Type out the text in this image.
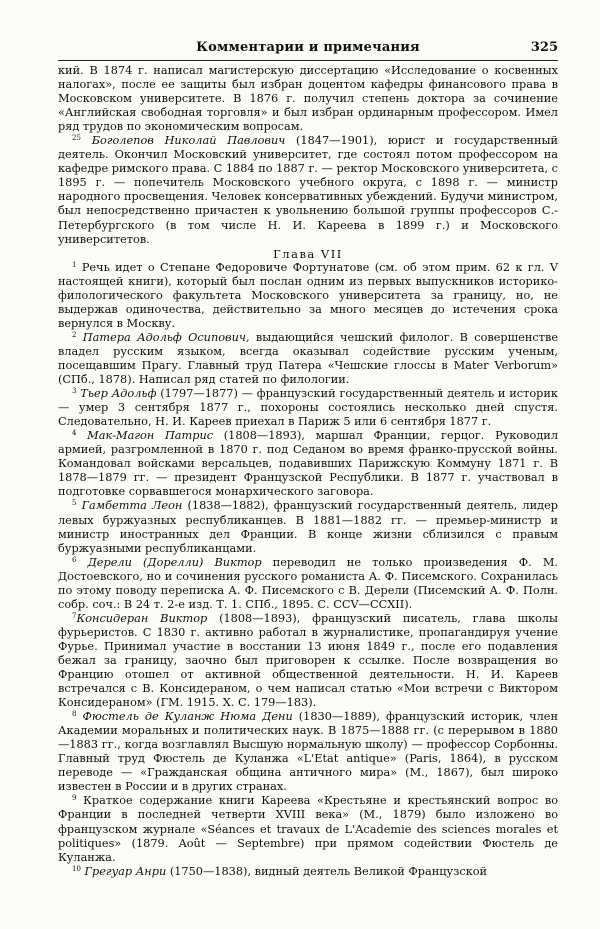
Комментарии и примечания	325

кий. В 1874 г. написал магистерскую диссертацию «Исследование о косвенных налогах», после ее защиты был избран доцентом кафедры финансового права в Московском университете. В 1876 г. получил степень доктора за сочинение «Английская свободная торговля» и был избран ординарным профессором. Имел ряд трудов по экономическим вопросам.

$^{25}$ Боголепов Николай Павлович (1847—1901), юрист и государственный деятель. Окончил Московский университет, где состоял потом профессором на кафедре римского права. С 1884 по 1887 г. — ректор Московского университета, с 1895 г. — попечитель Московского учебного округа, с 1898 г. — министр народного просвещения. Человек консервативных убеждений. Будучи министром, был непосредственно причастен к увольнению большой группы профессоров С.-Петербургского (в том числе Н. И. Кареева в 1899 г.) и Московского университетов.

Глава VII

$^1$ Речь идет о Степане Федоровиче Фортунатове (см. об этом прим. 62 к гл. V настоящей книги), который был послан одним из первых выпускников историко-филологического факультета Московского университета за границу, но, не выдержав одиночества, действительно за много месяцев до истечения срока вернулся в Москву.

$^2$ Патера Адольф Осипович, выдающийся чешский филолог. В совершенстве владел русским языком, всегда оказывал содействие русским ученым, посещавшим Прагу. Главный труд Патера «Чешские глоссы в Mater Verborum» (СПб., 1878). Написал ряд статей по филологии.

$^3$ Тьер Адольф (1797—1877) — французский государственный деятель и историк — умер 3 сентября 1877 г., похороны состоялись несколько дней спустя. Следовательно, Н. И. Кареев приехал в Париж 5 или 6 сентября 1877 г.

$^4$ Мак-Магон Патрис (1808—1893), маршал Франции, герцог. Руководил армией, разгромленной в 1870 г. под Седаном во время франко-прусской войны. Командовал войсками версальцев, подавивших Парижскую Коммуну 1871 г. В 1878—1879 гг. — президент Французской Республики. В 1877 г. участвовал в подготовке сорвавшегося монархического заговора.

$^5$ Гамбетта Леон (1838—1882), французский государственный деятель, лидер левых буржуазных республиканцев. В 1881—1882 гг. — премьер-министр и министр иностранных дел Франции. В конце жизни сблизился с правым буржуазными республиканцами.

$^6$ Дерели (Дорелли) Виктор переводил не только произведения Ф. М. Достоевского, но и сочинения русского романиста А. Ф. Писемского. Сохранилась по этому поводу переписка А. Ф. Писемского с В. Дерели (Писемский А. Ф. Полн. собр. соч.: В 24 т. 2-е изд. Т. 1. СПб., 1895. С. CCV—CCXII).

$^7$Консидеран Виктор (1808—1893), французский писатель, глава школы фурьеристов. С 1830 г. активно работал в журналистике, пропагандируя учение Фурье. Принимал участие в восстании 13 июня 1849 г., после его подавления бежал за границу, заочно был приговорен к ссылке. После возвращения во Францию отошел от активной общественной деятельности. Н. И. Кареев встречался с В. Консидераном, о чем написал статью «Мои встречи с Виктором Консидераном» (ГМ. 1915. Х. С. 179—183).

$^8$ Фюстель де Куланж Нюма Дени (1830—1889), французский историк, член Академии моральных и политических наук. В 1875—1888 гг. (с перерывом в 1880—1883 гг., когда возглавлял Высшую нормальную школу) — профессор Сорбонны. Главный труд Фюстель де Куланжа «L'Etat antique» (Paris, 1864), в русском переводе — «Гражданская община античного мира» (М., 1867), был широко известен в России и в других странах.

$^9$ Краткое содержание книги Кареева «Крестьяне и крестьянский вопрос во Франции в последней четверти XVIII века» (М., 1879) было изложено во французском журнале «Séances et travaux de L'Academie des sciences morales et politiques» (1879. Août — Septembre) при прямом содействии Фюстель де Куланжа.

$^{10}$ Грегуар Анри (1750—1838), видный деятель Великой Французской
